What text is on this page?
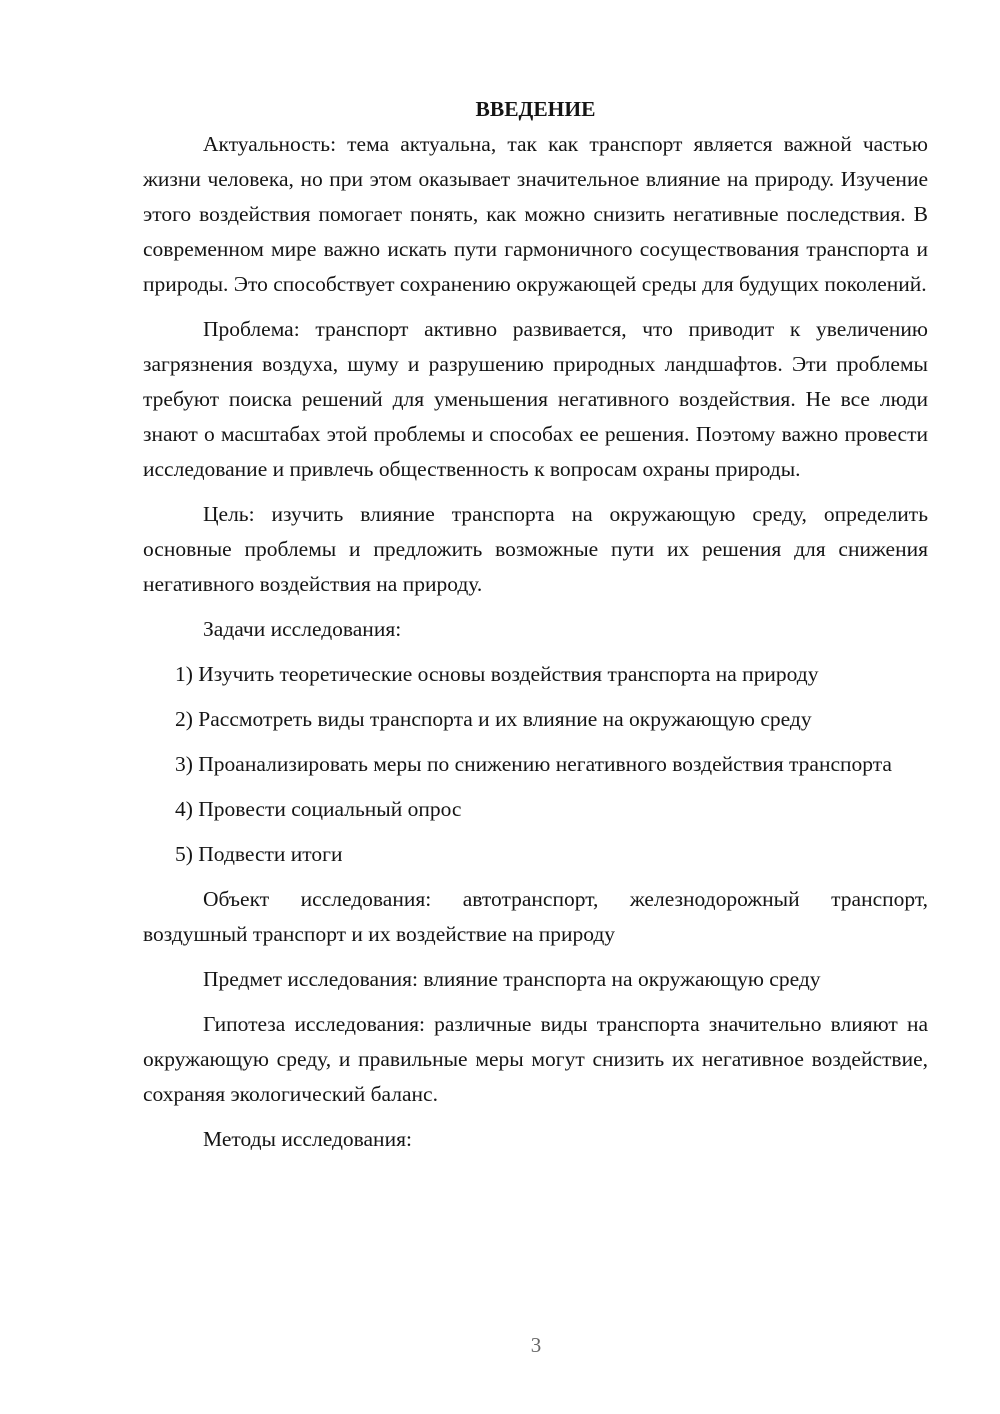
ВВЕДЕНИЕ

Актуальность: тема актуальна, так как транспорт является важной частью жизни человека, но при этом оказывает значительное влияние на природу. Изучение этого воздействия помогает понять, как можно снизить негативные последствия. В современном мире важно искать пути гармоничного сосуществования транспорта и природы. Это способствует сохранению окружающей среды для будущих поколений.

Проблема: транспорт активно развивается, что приводит к увеличению загрязнения воздуха, шуму и разрушению природных ландшафтов. Эти проблемы требуют поиска решений для уменьшения негативного воздействия. Не все люди знают о масштабах этой проблемы и способах ее решения. Поэтому важно провести исследование и привлечь общественность к вопросам охраны природы.

Цель: изучить влияние транспорта на окружающую среду, определить основные проблемы и предложить возможные пути их решения для снижения негативного воздействия на природу.

Задачи исследования:

1) Изучить теоретические основы воздействия транспорта на природу

2) Рассмотреть виды транспорта и их влияние на окружающую среду

3) Проанализировать меры по снижению негативного воздействия транспорта

4) Провести социальный опрос

5) Подвести итоги

Объект исследования: автотранспорт, железнодорожный транспорт, воздушный транспорт и их воздействие на природу

Предмет исследования: влияние транспорта на окружающую среду

Гипотеза исследования: различные виды транспорта значительно влияют на окружающую среду, и правильные меры могут снизить их негативное воздействие, сохраняя экологический баланс.

Методы исследования:

3
